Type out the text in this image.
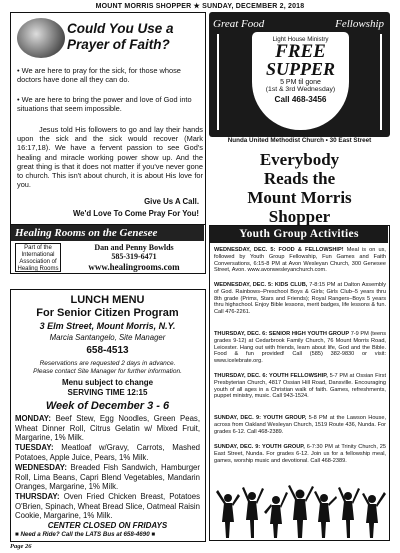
MOUNT MORRIS SHOPPER ★ SUNDAY, DECEMBER 2, 2018
Could You Use a Prayer of Faith?
• We are here to pray for the sick, for those whose doctors have done all they can do.
• We are here to bring the power and love of God into situations that seem impossible.
Jesus told His followers to go and lay their hands upon the sick and the sick would recover (Mark 16:17,18). We have a fervent passion to see God's healing and miracle working power show up. And the great thing is that it does not matter if you've never gone to church. This isn't about church, it is about His love for you.
Give Us A Call.
We'd Love To Come Pray For You!
Healing Rooms on the Genesee
Part of the International Association of Healing Rooms
Dan and Penny Bowlds
585-319-6471
www.healingrooms.com
Great Food	Fellowship
Light House Ministry
FREE
SUPPER
5 PM til gone
(1st & 3rd Wednesday)
Call 468-3456
Nunda United Methodist Church • 30 East Street
Everybody
Reads the
Mount Morris
Shopper
Youth Group Activities
WEDNESDAY, DEC. 5: FOOD & FELLOWSHIP! Meal is on us, followed by Youth Group Fellowship, Fun Games and Faith Conversations, 6:15-8 PM at Avon Wesleyan Church, 300 Genesee Street, Avon. www.avonwesleyanchurch.com.
WEDNESDAY, DEC. 5: KIDS CLUB, 7-8:15 PM at Dalton Assembly of God. Rainbows–Preschool Boys & Girls; Girls Club–5 years thru 8th grade (Prims, Stars and Friends); Royal Rangers–Boys 5 years thru highschool. Enjoy Bible lessons, merit badges, life lessons & fun. Call 476-2261.
THURSDAY, DEC. 6: SENIOR HIGH YOUTH GROUP 7-9 PM (teens grades 9-12) at Cedarbrook Family Church, 76 Mount Morris Road, Leicester. Hang out with friends, learn about life, God and the Bible. Food & fun provided! Call (585) 382-9830 or visit: www.icelebrate.org.
THURSDAY, DEC. 6: YOUTH FELLOWSHIP, 5-7 PM at Ossian First Presbyterian Church, 4817 Ossian Hill Road, Dansville. Encouraging youth of all ages in a Christian walk of faith. Games, refreshments, puppet ministry, music. Call 943-1524.
SUNDAY, DEC. 9: YOUTH GROUP, 5-8 PM at the Lawson House, across from Oakland Wesleyan Church, 1519 Route 436, Nunda. For grades 6-12. Call 468-2389.
SUNDAY, DEC. 9: YOUTH GROUP, 6-7:30 PM at Trinity Church, 25 East Street, Nunda. For grades 6-12. Join us for a fellowship meal, games, worship music and devotional. Call 468-2389.
LUNCH MENU
For Senior Citizen Program
3 Elm Street, Mount Morris, N.Y.
Marcia Santangelo, Site Manager
658-4513
Reservations are requested 2 days in advance.
Please contact Site Manager for further information.
Menu subject to change
SERVING TIME 12:15
Week of December 3 - 6
MONDAY: Beef Stew, Egg Noodles, Green Peas, Wheat Dinner Roll, Citrus Gelatin w/ Mixed Fruit, Margarine, 1% Milk.
TUESDAY: Meatloaf w/Gravy, Carrots, Mashed Potatoes, Apple Juice, Pears, 1% Milk.
WEDNESDAY: Breaded Fish Sandwich, Hamburger Roll, Lima Beans, Capri Blend Vegetables, Mandarin Oranges, Margarine, 1% Milk.
THURSDAY: Oven Fried Chicken Breast, Potatoes O'Brien, Spinach, Wheat Bread Slice, Oatmeal Raisin Cookie, Margarine, 1% Milk.
CENTER CLOSED ON FRIDAYS
■ Need a Ride? Call the LATS Bus at 658-4690 ■
Page 26
